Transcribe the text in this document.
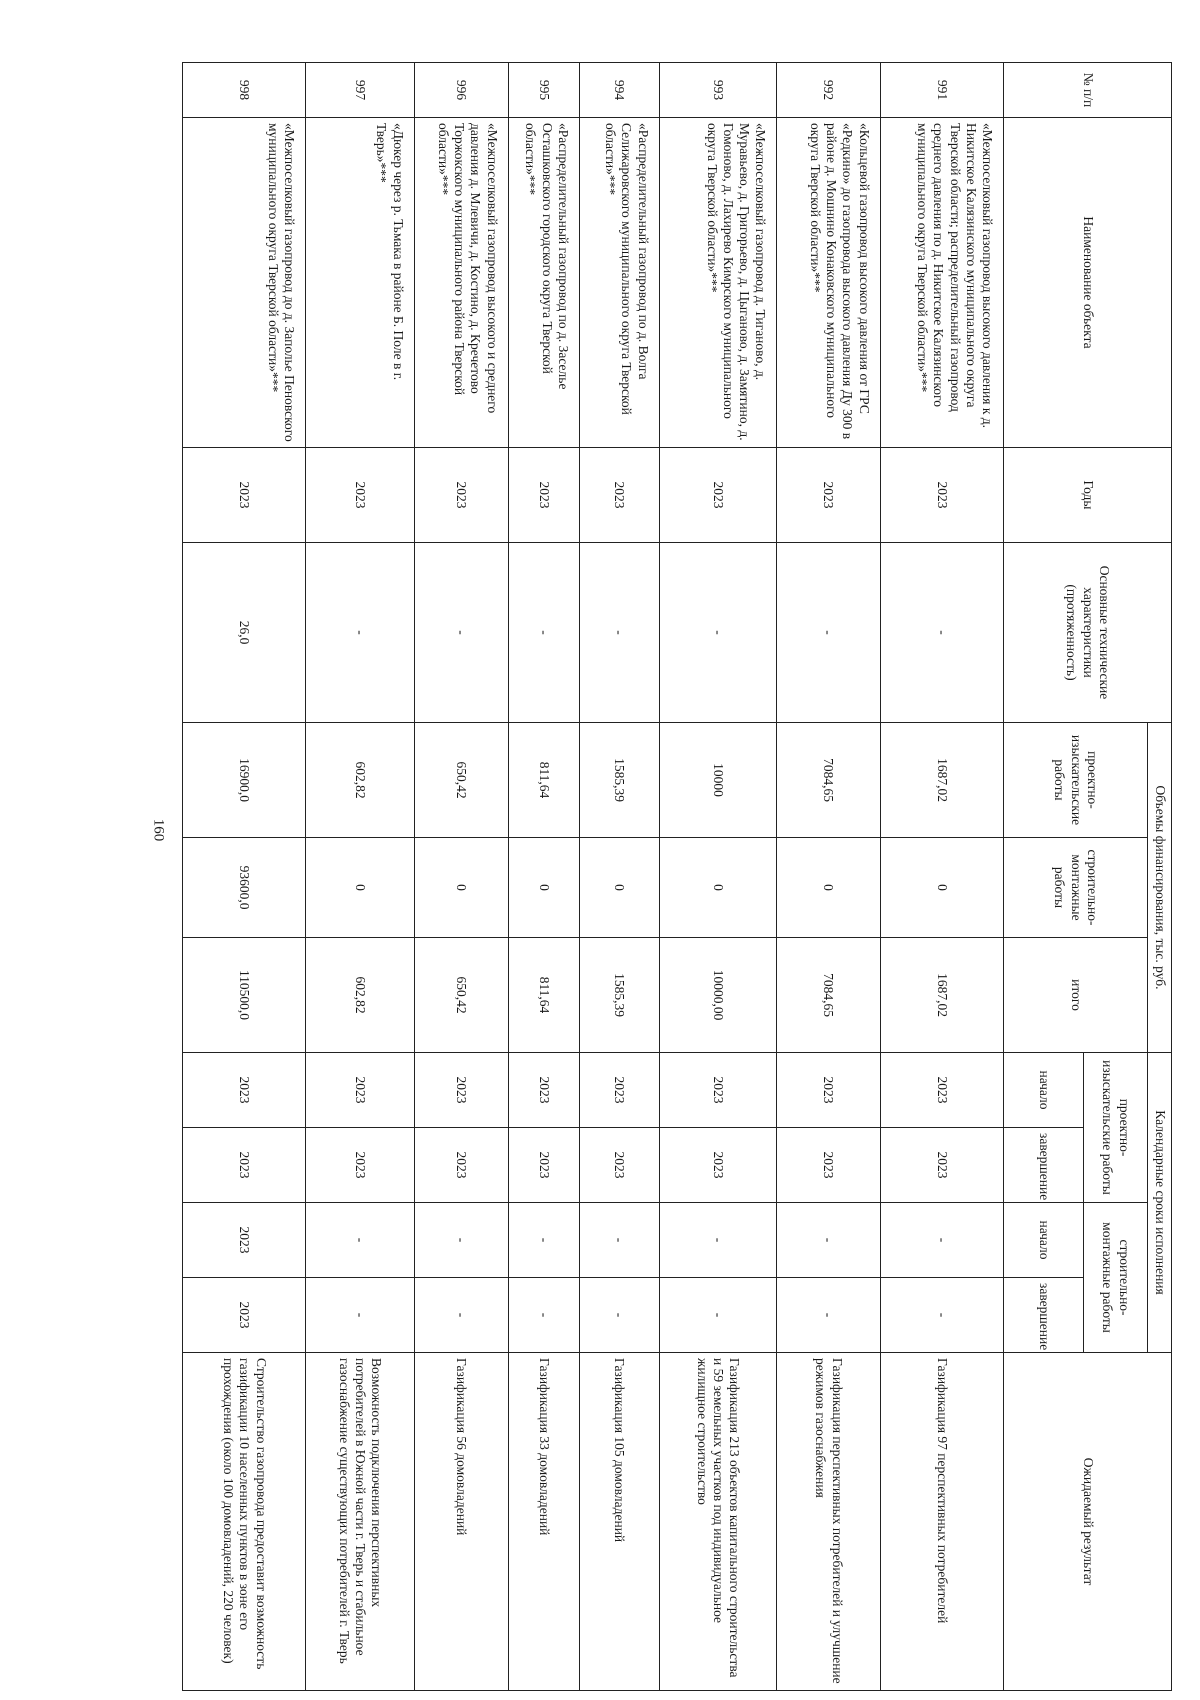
160
№ п/п	Наименование объекта	Годы	Основные технические характеристики (протяженность)	Объемы финансирования, тыс. руб.			Календарные сроки исполнения				Ожидаемый результат
				проектно-изыскательские работы	строительно-монтажные работы	итого	проектно-изыскательские работы		строительно-монтажные работы		
							начало	завершение	начало	завершение	
991	«Межпоселковый газопровод высокого давления к д. Никитское Калязинского муниципального округа Тверской области; распределительный газопровод среднего давления по д. Никитское Калязинского муниципального округа Тверской области»***	2023	-	1687,02	0	1687,02	2023	2023	-	-	Газификация 97 перспективных потребителей
992	«Кольцевой газопровод высокого давления от ГРС «Редкино» до газопровода высокого давления Ду 300 в районе д. Мошнино Конаковского муниципального округа Тверской области»***	2023	-	7084,65	0	7084,65	2023	2023	-	-	Газификация перспективных потребителей и улучшение режимов газоснабжения
993	«Межпоселковый газопровод д. Тиганово, д. Муравьево, д. Григорьево, д. Цыганово, д. Замятино, д. Гомоново, д. Лахирево Кимрского муниципального округа Тверской области»***	2023	-	10000	0	10000,00	2023	2023	-	-	Газификация 213 объектов капитального строительства и 59 земельных участков под индивидуальное жилищное строительство
994	«Распределительный газопровод по д. Волга Селижаровского муниципального округа Тверской области»***	2023	-	1585,39	0	1585,39	2023	2023	-	-	Газификация 105 домовладений
995	«Распределительный газопровод по д. Заселье Осташковского городского округа Тверской области»***	2023	-	811,64	0	811,64	2023	2023	-	-	Газификация 33 домовладений
996	«Межпоселковый газопровод высокого и среднего давления д. Млевичи, д. Костино, д. Кречетово Торжокского муниципального района Тверской области»***	2023	-	650,42	0	650,42	2023	2023	-	-	Газификация 56 домовладений
997	«Дюкер через р. Тьмака в районе Б. Поле в г. Тверь»***	2023	-	602,82	0	602,82	2023	2023	-	-	Возможность подключения перспективных потребителей в Южной части г. Тверь и стабильное газоснабжение существующих потребителей г. Тверь
998	«Межпоселковый газопровод до д. Заполье Пеновского муниципального округа Тверской области»***	2023	26,0	16900,0	93600,0	110500,0	2023	2023	2023	2023	Строительство газопровода предоставит возможность газификации 10 населенных пунктов в зоне его прохождения (около 100 домовладений, 220 человек)
